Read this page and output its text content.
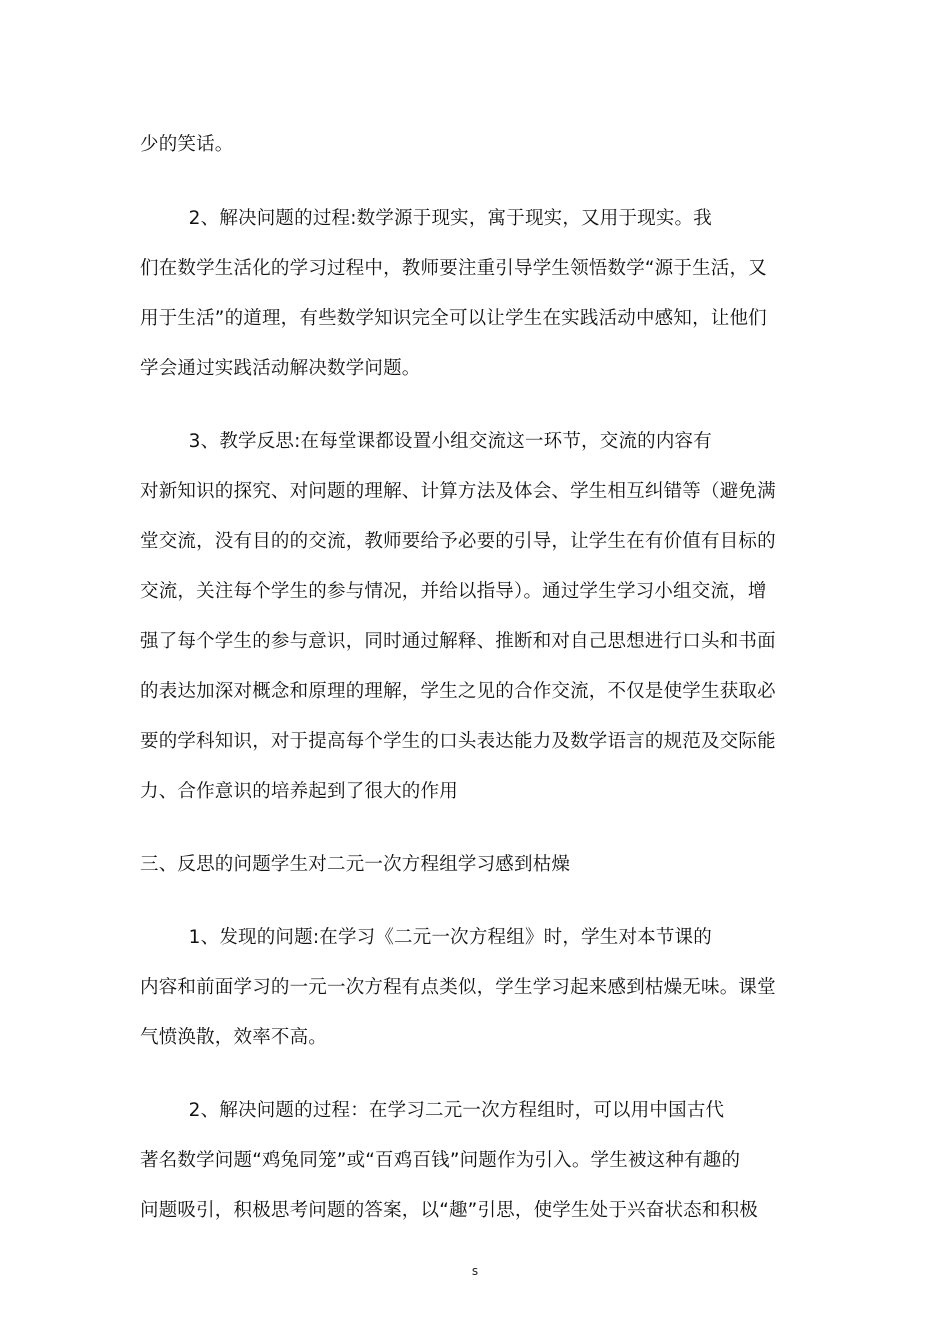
少的笑话。
2、解决问题的过程:数学源于现实，寓于现实，又用于现实。我
们在数学生活化的学习过程中，教师要注重引导学生领悟数学“源于生活，又
用于生活”的道理，有些数学知识完全可以让学生在实践活动中感知，让他们
学会通过实践活动解决数学问题。
3、教学反思:在每堂课都设置小组交流这一环节，交流的内容有
对新知识的探究、对问题的理解、计算方法及体会、学生相互纠错等（避免满
堂交流，没有目的的交流，教师要给予必要的引导，让学生在有价值有目标的
交流，关注每个学生的参与情况，并给以指导）。通过学生学习小组交流，增
强了每个学生的参与意识，同时通过解释、推断和对自己思想进行口头和书面
的表达加深对概念和原理的理解，学生之见的合作交流，不仅是使学生获取必
要的学科知识，对于提高每个学生的口头表达能力及数学语言的规范及交际能
力、合作意识的培养起到了很大的作用
三、反思的问题学生对二元一次方程组学习感到枯燥
1、发现的问题:在学习《二元一次方程组》时，学生对本节课的
内容和前面学习的一元一次方程有点类似，学生学习起来感到枯燥无味。课堂
气愤涣散，效率不高。
2、解决问题的过程：在学习二元一次方程组时，可以用中国古代
著名数学问题“鸡兔同笼”或“百鸡百钱”问题作为引入。学生被这种有趣的
问题吸引，积极思考问题的答案，以“趣”引思，使学生处于兴奋状态和积极
s
